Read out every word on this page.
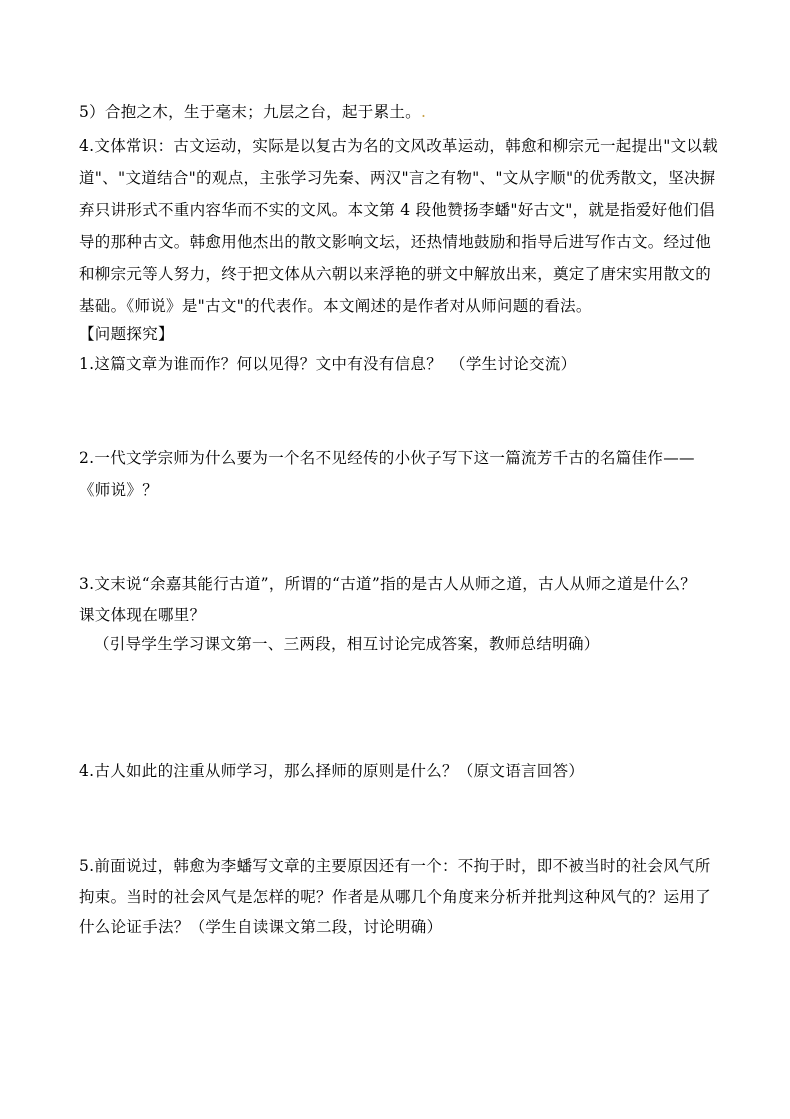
5）合抱之木，生于毫末；九层之台，起于累土。.
4.文体常识：古文运动，实际是以复古为名的文风改革运动，韩愈和柳宗元一起提出"文以载
道"、"文道结合"的观点，主张学习先秦、两汉"言之有物"、"文从字顺"的优秀散文，坚决摒
弃只讲形式不重内容华而不实的文风。本文第 4 段他赞扬李蟠"好古文"，就是指爱好他们倡
导的那种古文。韩愈用他杰出的散文影响文坛，还热情地鼓励和指导后进写作古文。经过他
和柳宗元等人努力，终于把文体从六朝以来浮艳的骈文中解放出来，奠定了唐宋实用散文的
基础。《师说》是"古文"的代表作。本文阐述的是作者对从师问题的看法。
【问题探究】
1.这篇文章为谁而作？何以见得？文中有没有信息？　（学生讨论交流）
2.一代文学宗师为什么要为一个名不见经传的小伙子写下这一篇流芳千古的名篇佳作——
《师说》？
3.文末说“余嘉其能行古道”，所谓的“古道”指的是古人从师之道，古人从师之道是什么？
课文体现在哪里？
（引导学生学习课文第一、三两段，相互讨论完成答案，教师总结明确）
4.古人如此的注重从师学习，那么择师的原则是什么？（原文语言回答）
5.前面说过，韩愈为李蟠写文章的主要原因还有一个：不拘于时，即不被当时的社会风气所
拘束。当时的社会风气是怎样的呢？作者是从哪几个角度来分析并批判这种风气的？运用了
什么论证手法？（学生自读课文第二段，讨论明确）
